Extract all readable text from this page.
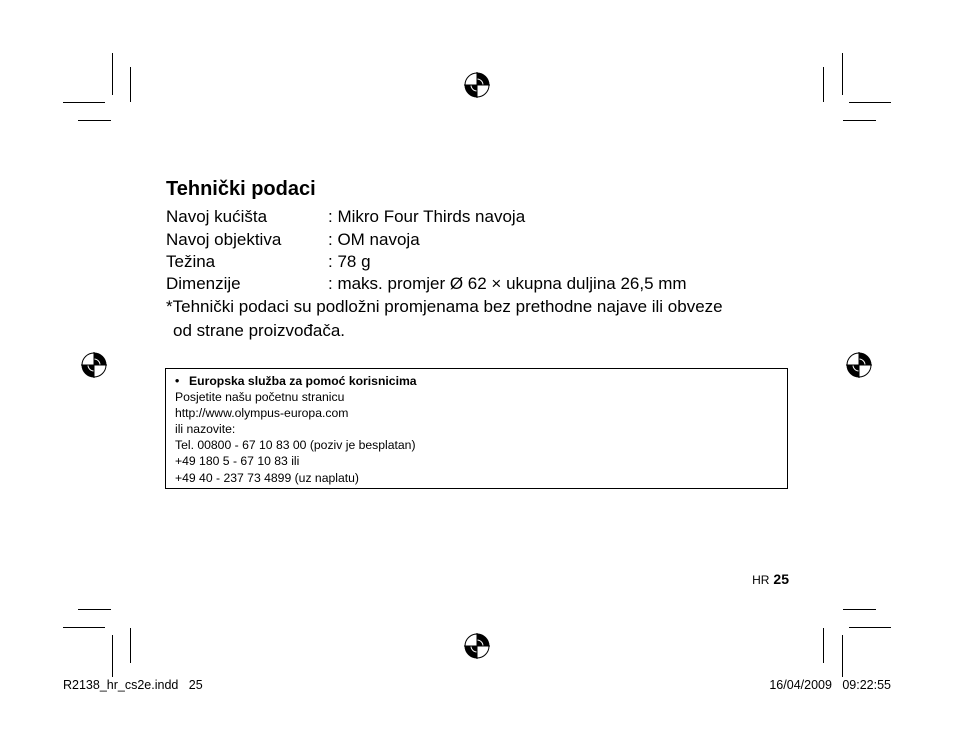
Tehnički podaci
Navoj kućišta	: Mikro Four Thirds navoja
Navoj objektiva	: OM navoja
Težina	: 78 g
Dimenzije	: maks. promjer Ø 62 × ukupna duljina 26,5 mm
*Tehnički podaci su podložni promjenama bez prethodne najave ili obveze
od strane proizvođača.
• Europska služba za pomoć korisnicima
Posjetite našu početnu stranicu
http://www.olympus-europa.com
ili nazovite:
Tel. 00800 - 67 10 83 00 (poziv je besplatan)
+49 180 5 - 67 10 83 ili
+49 40 - 237 73 4899 (uz naplatu)
HR 25
R2138_hr_cs2e.indd   25	16/04/2009   09:22:55
